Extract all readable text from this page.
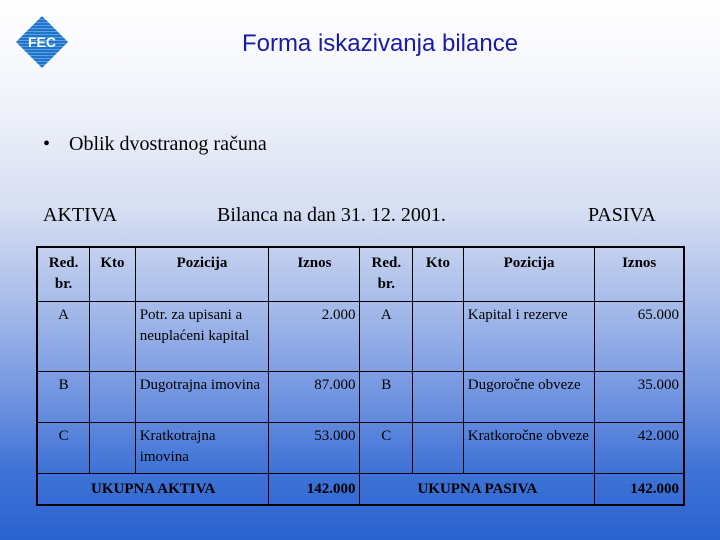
FEC	Forma iskazivanja bilance
• Oblik dvostranog računa
AKTIVA	Bilanca na dan 31. 12. 2001.	PASIVA
Red. br.	Kto	Pozicija	Iznos	Red. br.	Kto	Pozicija	Iznos
A		Potr. za upisani a neuplaćeni kapital	2.000	A		Kapital i rezerve	65.000
B		Dugotrajna imovina	87.000	B		Dugoročne obveze	35.000
C		Kratkotrajna imovina	53.000	C		Kratkoročne obveze	42.000
UKUPNA AKTIVA			142.000	UKUPNA PASIVA			142.000
